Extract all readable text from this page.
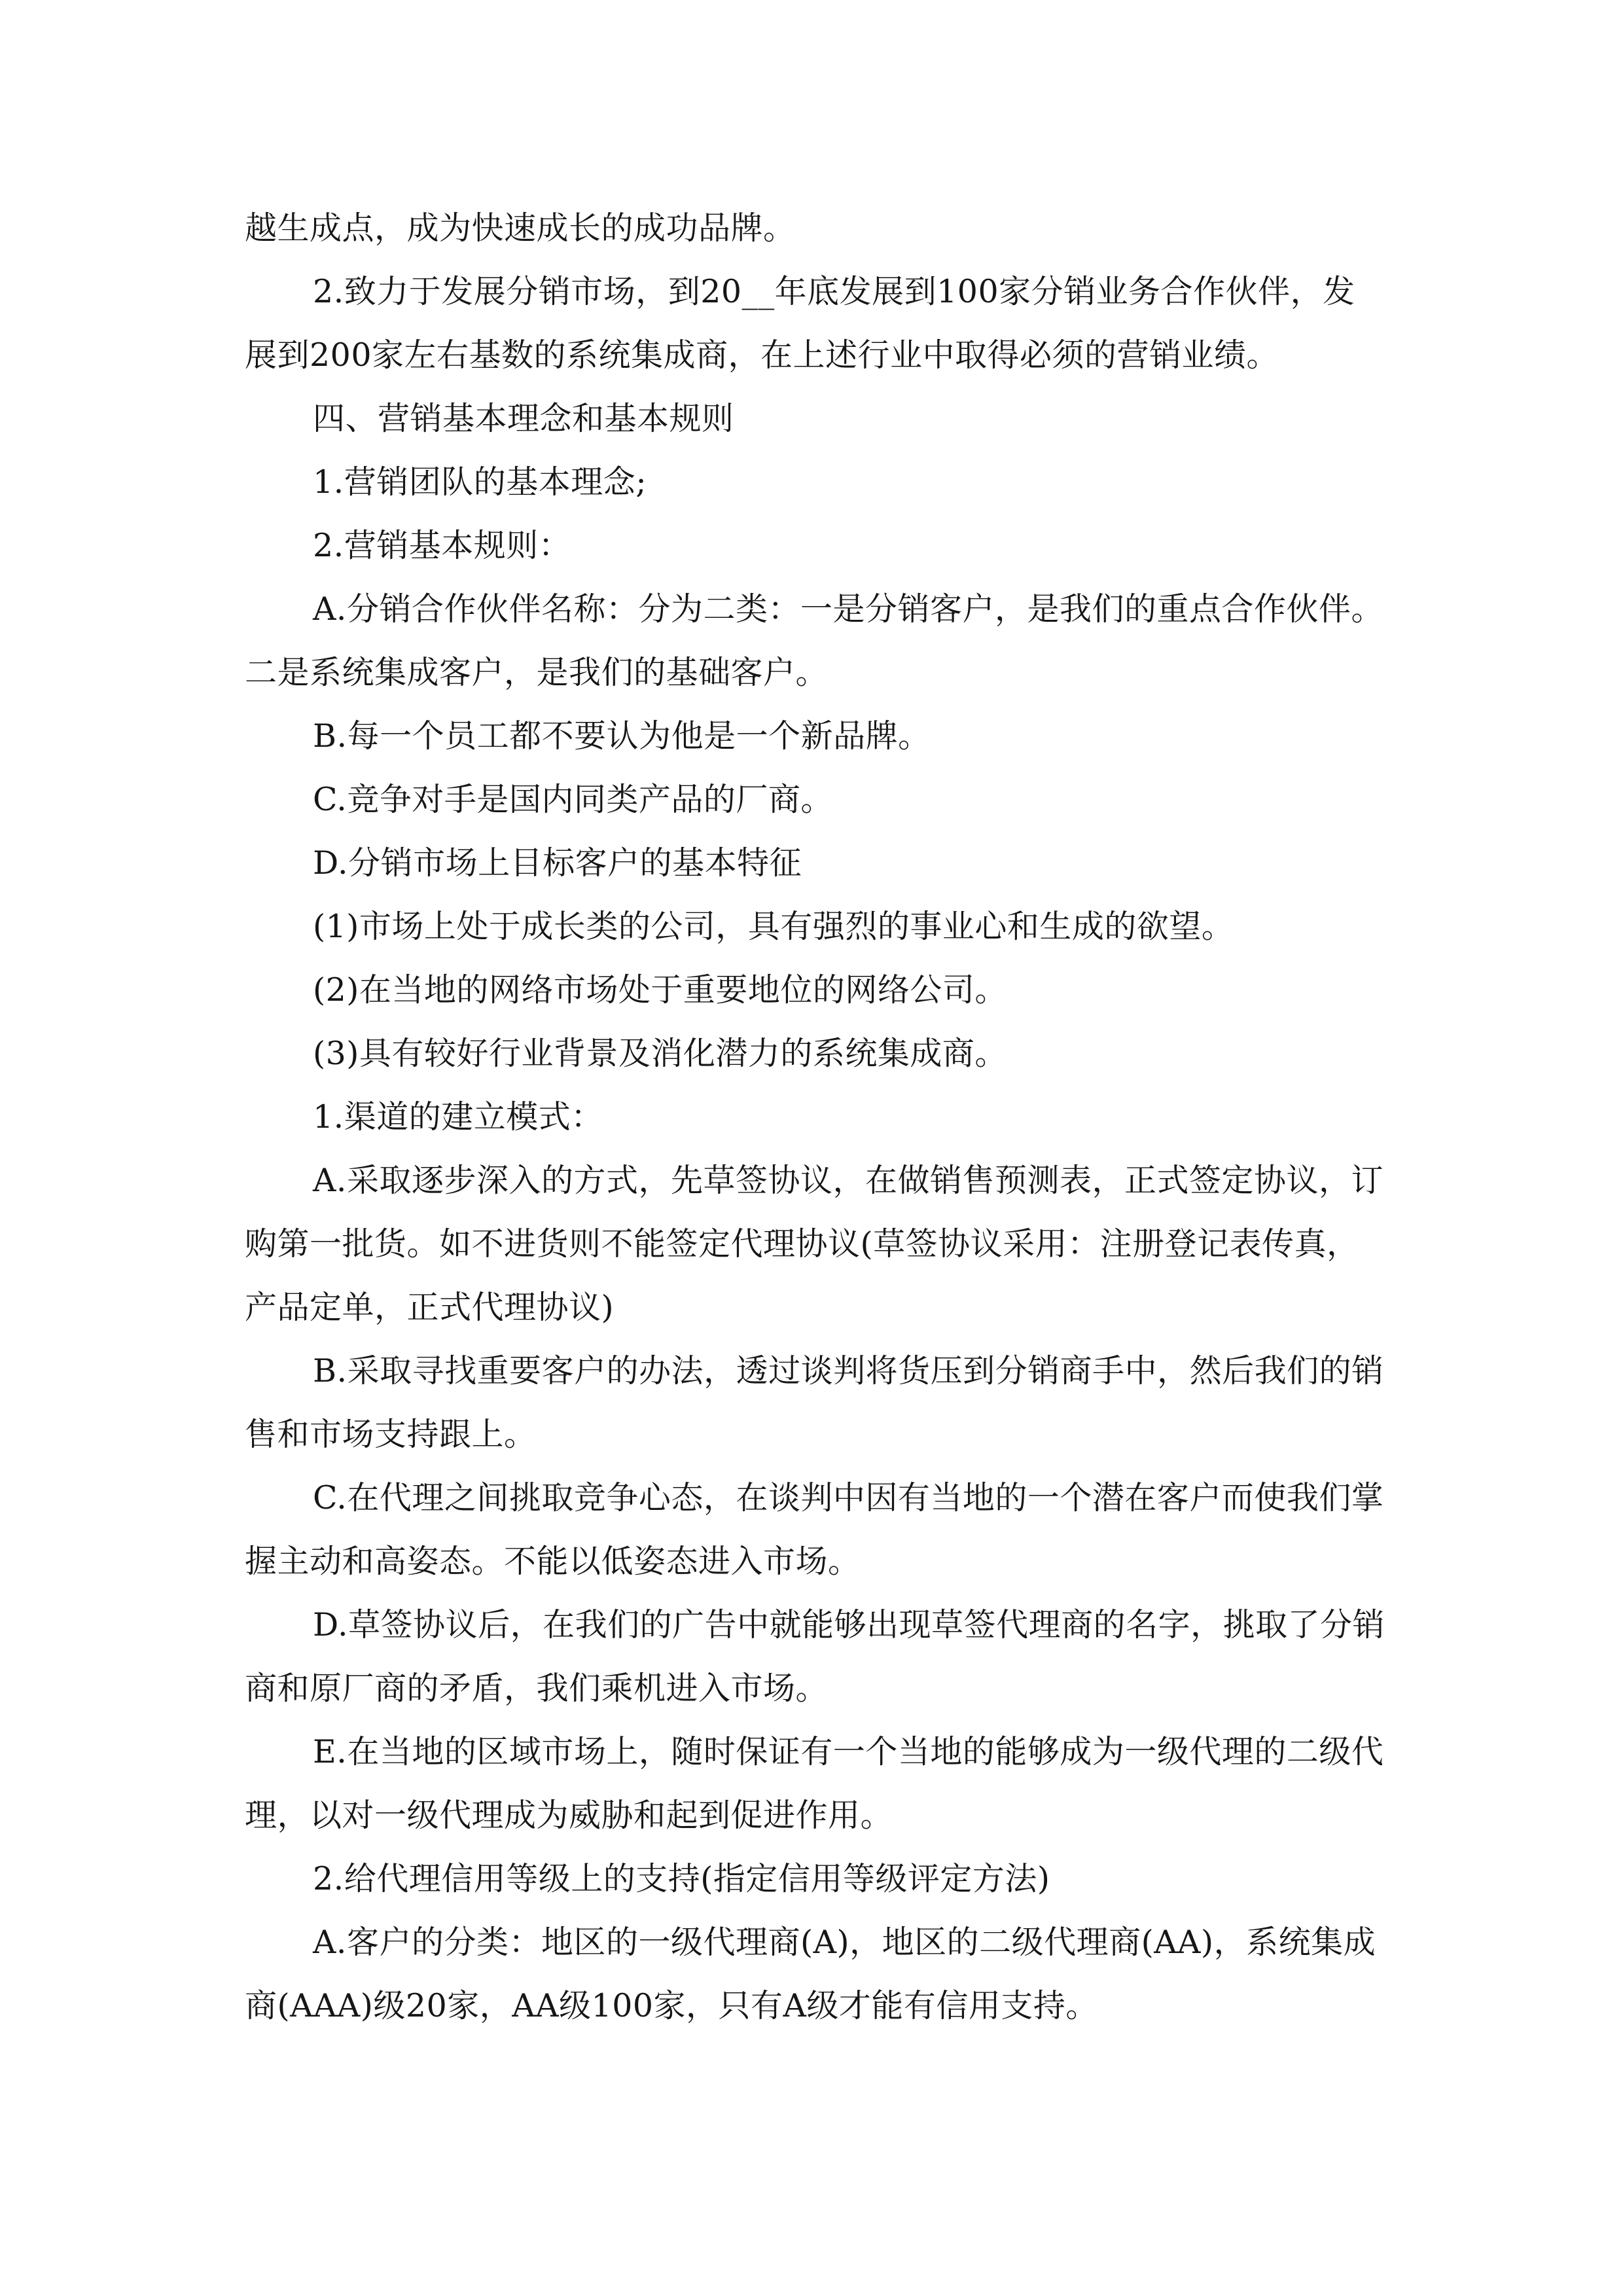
越生成点，成为快速成长的成功品牌。
2.致力于发展分销市场，到20__年底发展到100家分销业务合作伙伴，发
展到200家左右基数的系统集成商，在上述行业中取得必须的营销业绩。
四、营销基本理念和基本规则
1.营销团队的基本理念;
2.营销基本规则：
A.分销合作伙伴名称：分为二类：一是分销客户，是我们的重点合作伙伴。
二是系统集成客户，是我们的基础客户。
B.每一个员工都不要认为他是一个新品牌。
C.竞争对手是国内同类产品的厂商。
D.分销市场上目标客户的基本特征
(1)市场上处于成长类的公司，具有强烈的事业心和生成的欲望。
(2)在当地的网络市场处于重要地位的网络公司。
(3)具有较好行业背景及消化潜力的系统集成商。
1.渠道的建立模式：
A.采取逐步深入的方式，先草签协议，在做销售预测表，正式签定协议，订
购第一批货。如不进货则不能签定代理协议(草签协议采用：注册登记表传真，
产品定单，正式代理协议)
B.采取寻找重要客户的办法，透过谈判将货压到分销商手中，然后我们的销
售和市场支持跟上。
C.在代理之间挑取竞争心态，在谈判中因有当地的一个潜在客户而使我们掌
握主动和高姿态。不能以低姿态进入市场。
D.草签协议后，在我们的广告中就能够出现草签代理商的名字，挑取了分销
商和原厂商的矛盾，我们乘机进入市场。
E.在当地的区域市场上，随时保证有一个当地的能够成为一级代理的二级代
理，以对一级代理成为威胁和起到促进作用。
2.给代理信用等级上的支持(指定信用等级评定方法)
A.客户的分类：地区的一级代理商(A)，地区的二级代理商(AA)，系统集成
商(AAA)级20家，AA级100家，只有A级才能有信用支持。
